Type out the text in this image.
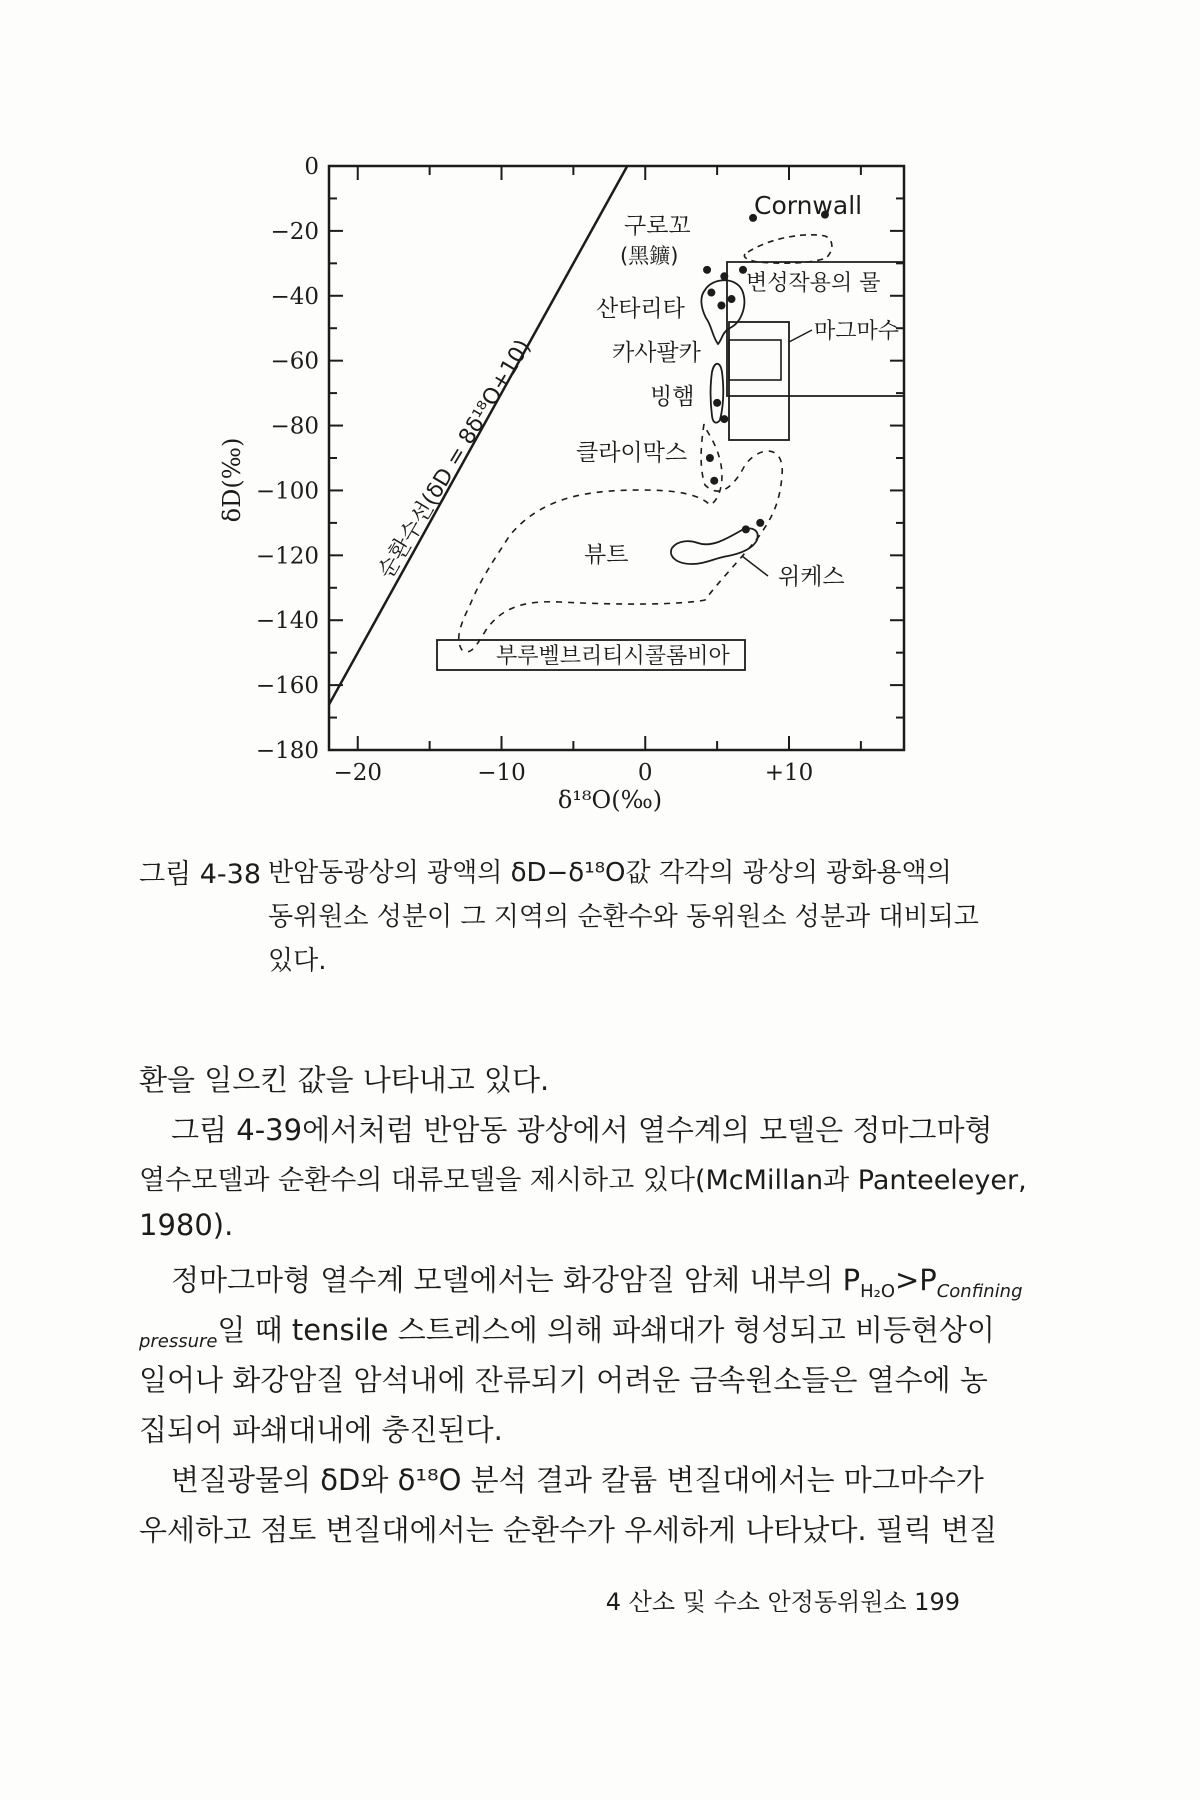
0
−20
−40
−60
−80
−100
−120
−140
−160
−180
−20	−10	0	+10
δD(‰)
δ¹⁸O(‰)
순환수선(δD = 8δ¹⁸O+10)
구로꼬
(黑鑛)
Cornwall
변성작용의 물
마그마수
산타리타
카사팔카
빙햄
클라이막스
뷰트
위케스
부루벨브리티시콜롬비아
그림 4-38 반암동광상의 광액의 δD−δ¹⁸O값 각각의 광상의 광화용액의
동위원소 성분이 그 지역의 순환수와 동위원소 성분과 대비되고
있다.
환을 일으킨 값을 나타내고 있다.
그림 4-39에서처럼 반암동 광상에서 열수계의 모델은 정마그마형
열수모델과 순환수의 대류모델을 제시하고 있다(McMillan과 Panteeleyer,
1980).
정마그마형 열수계 모델에서는 화강암질 암체 내부의 $P_{H_2O}>P_{Confining}$
$_{pressure}$일 때 tensile 스트레스에 의해 파쇄대가 형성되고 비등현상이
일어나 화강암질 암석내에 잔류되기 어려운 금속원소들은 열수에 농
집되어 파쇄대내에 충진된다.
변질광물의 δD와 δ¹⁸O 분석 결과 칼륨 변질대에서는 마그마수가
우세하고 점토 변질대에서는 순환수가 우세하게 나타났다. 필릭 변질
4 산소 및 수소 안정동위원소 199
